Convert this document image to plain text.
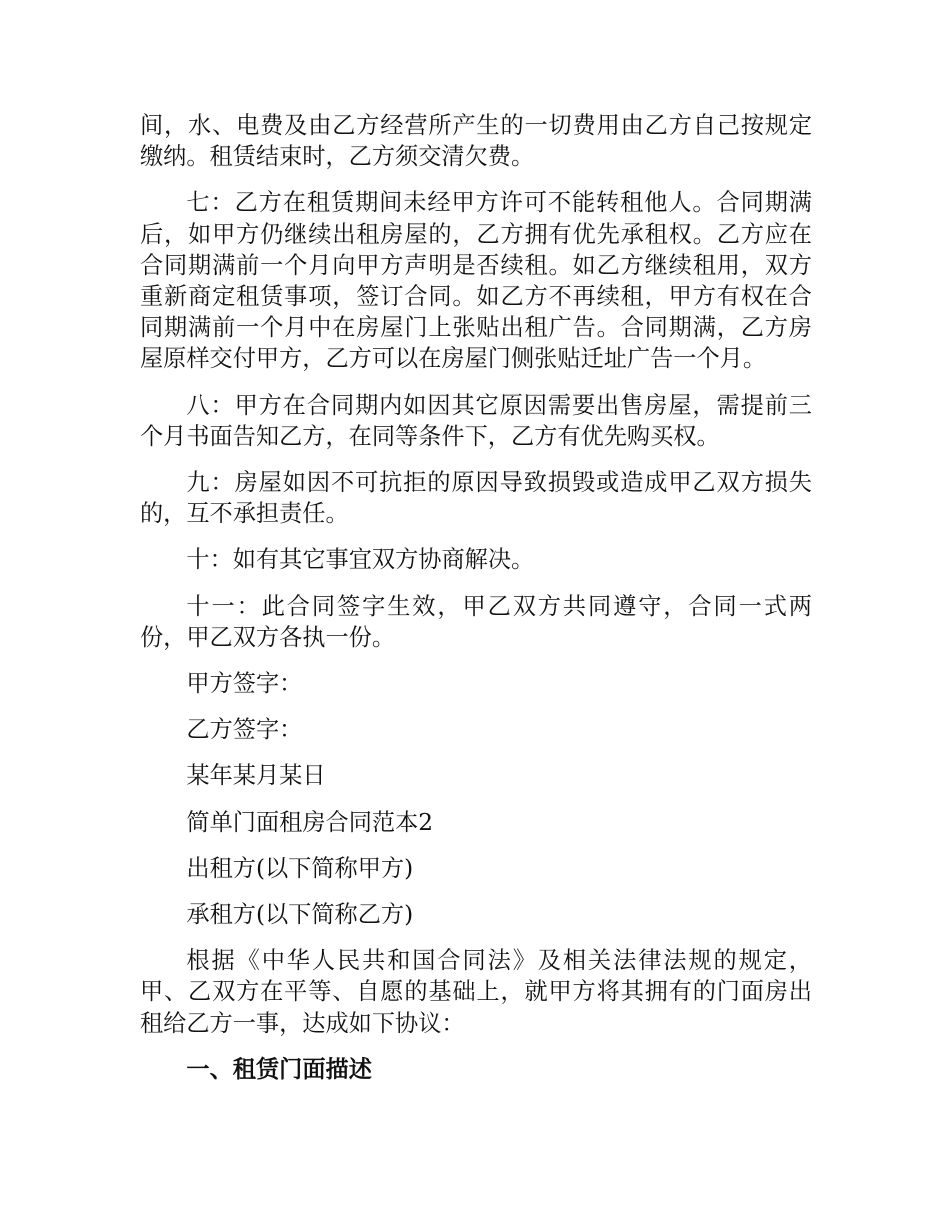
间，水、电费及由乙方经营所产生的一切费用由乙方自己按规定缴纳。租赁结束时，乙方须交清欠费。

七：乙方在租赁期间未经甲方许可不能转租他人。合同期满后，如甲方仍继续出租房屋的，乙方拥有优先承租权。乙方应在合同期满前一个月向甲方声明是否续租。如乙方继续租用，双方重新商定租赁事项，签订合同。如乙方不再续租，甲方有权在合同期满前一个月中在房屋门上张贴出租广告。合同期满，乙方房屋原样交付甲方，乙方可以在房屋门侧张贴迁址广告一个月。

八：甲方在合同期内如因其它原因需要出售房屋，需提前三个月书面告知乙方，在同等条件下，乙方有优先购买权。

九：房屋如因不可抗拒的原因导致损毁或造成甲乙双方损失的，互不承担责任。

十：如有其它事宜双方协商解决。

十一：此合同签字生效，甲乙双方共同遵守，合同一式两份，甲乙双方各执一份。

甲方签字：

乙方签字：

某年某月某日

简单门面租房合同范本2

出租方(以下简称甲方)

承租方(以下简称乙方)

根据《中华人民共和国合同法》及相关法律法规的规定，甲、乙双方在平等、自愿的基础上，就甲方将其拥有的门面房出租给乙方一事，达成如下协议：

一、租赁门面描述
